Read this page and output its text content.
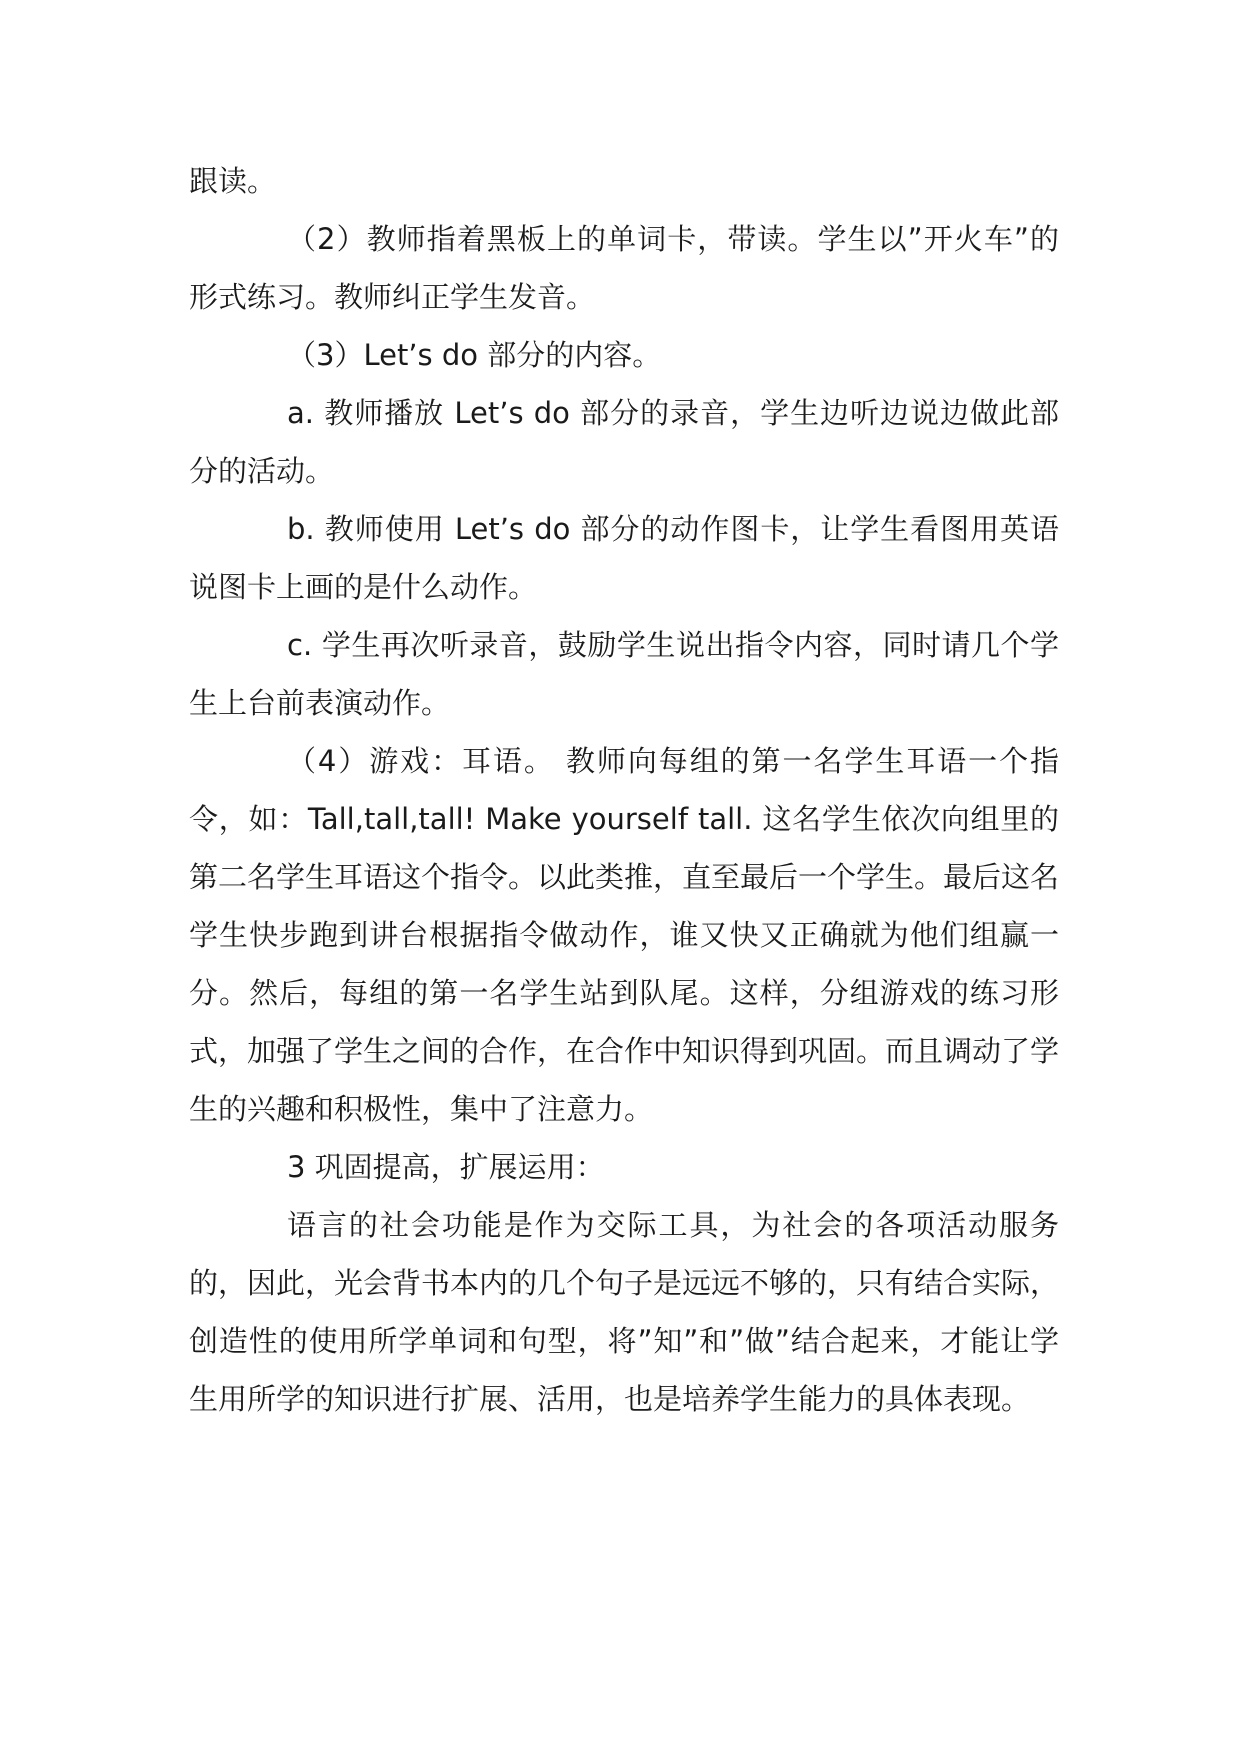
跟读。

（2）教师指着黑板上的单词卡，带读。学生以”开火车”的形式练习。教师纠正学生发音。

（3）Let’s do 部分的内容。

a. 教师播放 Let’s do 部分的录音，学生边听边说边做此部分的活动。

b. 教师使用 Let’s do 部分的动作图卡，让学生看图用英语说图卡上画的是什么动作。

c. 学生再次听录音，鼓励学生说出指令内容，同时请几个学生上台前表演动作。

（4）游戏：耳语。 教师向每组的第一名学生耳语一个指令，如：Tall,tall,tall! Make yourself tall. 这名学生依次向组里的第二名学生耳语这个指令。以此类推，直至最后一个学生。最后这名学生快步跑到讲台根据指令做动作，谁又快又正确就为他们组赢一分。然后，每组的第一名学生站到队尾。这样，分组游戏的练习形式，加强了学生之间的合作，在合作中知识得到巩固。而且调动了学生的兴趣和积极性，集中了注意力。

3 巩固提高，扩展运用：

语言的社会功能是作为交际工具，为社会的各项活动服务的，因此，光会背书本内的几个句子是远远不够的，只有结合实际，创造性的使用所学单词和句型，将”知”和”做”结合起来，才能让学生用所学的知识进行扩展、活用，也是培养学生能力的具体表现。
